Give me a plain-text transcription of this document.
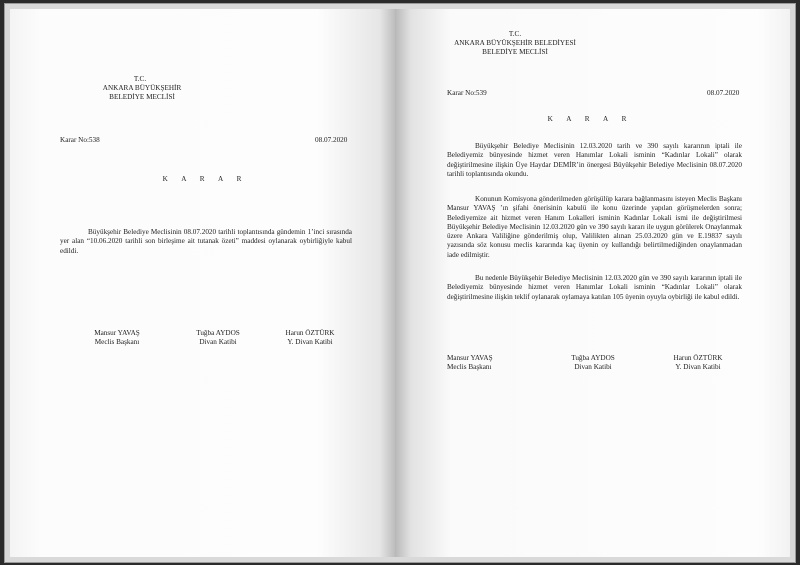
T.C.
ANKARA BÜYÜKŞEHİR
BELEDİYE MECLİSİ
Karar No:538	08.07.2020
K A R A R
Büyükşehir Belediye Meclisinin 08.07.2020 tarihli toplantısında gündemin 1’inci sırasında yer alan “10.06.2020 tarihli son birleşime ait tutanak özeti” maddesi oylanarak oybirliğiyle kabul edildi.
Mansur YAVAŞ
Meclis Başkanı
Tuğba AYDOS
Divan Katibi
Harun ÖZTÜRK
Y. Divan Katibi
T.C.
ANKARA BÜYÜKŞEHİR BELEDİYESİ
BELEDİYE MECLİSİ
Karar No:539	08.07.2020
K A R A R
Büyükşehir Belediye Meclisinin 12.03.2020 tarih ve 390 sayılı kararının iptali ile Belediyemiz bünyesinde hizmet veren Hanımlar Lokali isminin “Kadınlar Lokali” olarak değiştirilmesine ilişkin Üye Haydar DEMİR’in önergesi Büyükşehir Belediye Meclisinin 08.07.2020 tarihli toplantısında okundu.
Konunun Komisyona gönderilmeden görüşülüp karara bağlanmasını isteyen Meclis Başkanı Mansur YAVAŞ ’ın şifahi önerisinin kabulü ile konu üzerinde yapılan görüşmelerden sonra; Belediyemize ait hizmet veren Hanım Lokalleri isminin Kadınlar Lokali ismi ile değiştirilmesi Büyükşehir Belediye Meclisinin 12.03.2020 gün ve 390 sayılı kararı ile uygun görülerek Onaylanmak üzere Ankara Valiliğine gönderilmiş olup, Valilikten alınan 25.03.2020 gün ve E.19837 sayılı yazısında söz konusu meclis kararında kaç üyenin oy kullandığı belirtilmediğinden onaylanmadan iade edilmiştir.
Bu nedenle Büyükşehir Belediye Meclisinin 12.03.2020 gün ve 390 sayılı kararının iptali ile Belediyemiz bünyesinde hizmet veren Hanımlar Lokali isminin “Kadınlar Lokali” olarak değiştirilmesine ilişkin teklif oylanarak oylamaya katılan 105 üyenin oyuyla oybirliği ile kabul edildi.
Mansur YAVAŞ
Meclis Başkanı
Tuğba AYDOS
Divan Katibi
Harun ÖZTÜRK
Y. Divan Katibi
